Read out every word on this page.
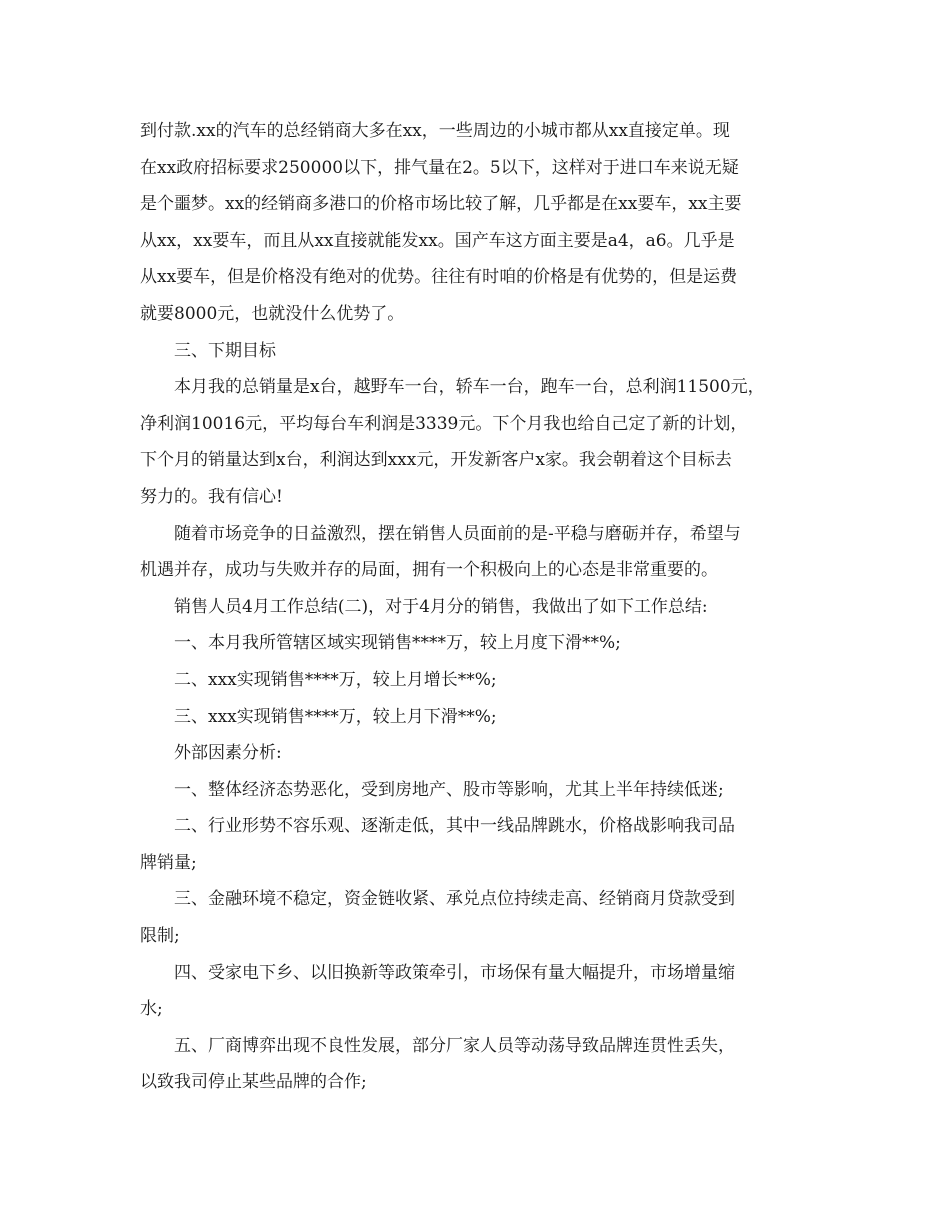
到付款.xx的汽车的总经销商大多在xx，一些周边的小城市都从xx直接定单。现
在xx政府招标要求250000以下，排气量在2。5以下，这样对于进口车来说无疑
是个噩梦。xx的经销商多港口的价格市场比较了解，几乎都是在xx要车，xx主要
从xx，xx要车，而且从xx直接就能发xx。国产车这方面主要是a4，a6。几乎是
从xx要车，但是价格没有绝对的优势。往往有时咱的价格是有优势的，但是运费
就要8000元，也就没什么优势了。
三、下期目标
本月我的总销量是x台，越野车一台，轿车一台，跑车一台，总利润11500元，
净利润10016元，平均每台车利润是3339元。下个月我也给自己定了新的计划，
下个月的销量达到x台，利润达到xxx元，开发新客户x家。我会朝着这个目标去
努力的。我有信心!
随着市场竞争的日益激烈，摆在销售人员面前的是-平稳与磨砺并存，希望与
机遇并存，成功与失败并存的局面，拥有一个积极向上的心态是非常重要的。
销售人员4月工作总结(二)，对于4月分的销售，我做出了如下工作总结:
一、本月我所管辖区域实现销售****万，较上月度下滑**%;
二、xxx实现销售****万，较上月增长**%;
三、xxx实现销售****万，较上月下滑**%;
外部因素分析:
一、整体经济态势恶化，受到房地产、股市等影响，尤其上半年持续低迷;
二、行业形势不容乐观、逐渐走低，其中一线品牌跳水，价格战影响我司品
牌销量;
三、金融环境不稳定，资金链收紧、承兑点位持续走高、经销商月贷款受到
限制;
四、受家电下乡、以旧换新等政策牵引，市场保有量大幅提升，市场增量缩
水;
五、厂商博弈出现不良性发展，部分厂家人员等动荡导致品牌连贯性丢失，
以致我司停止某些品牌的合作;
